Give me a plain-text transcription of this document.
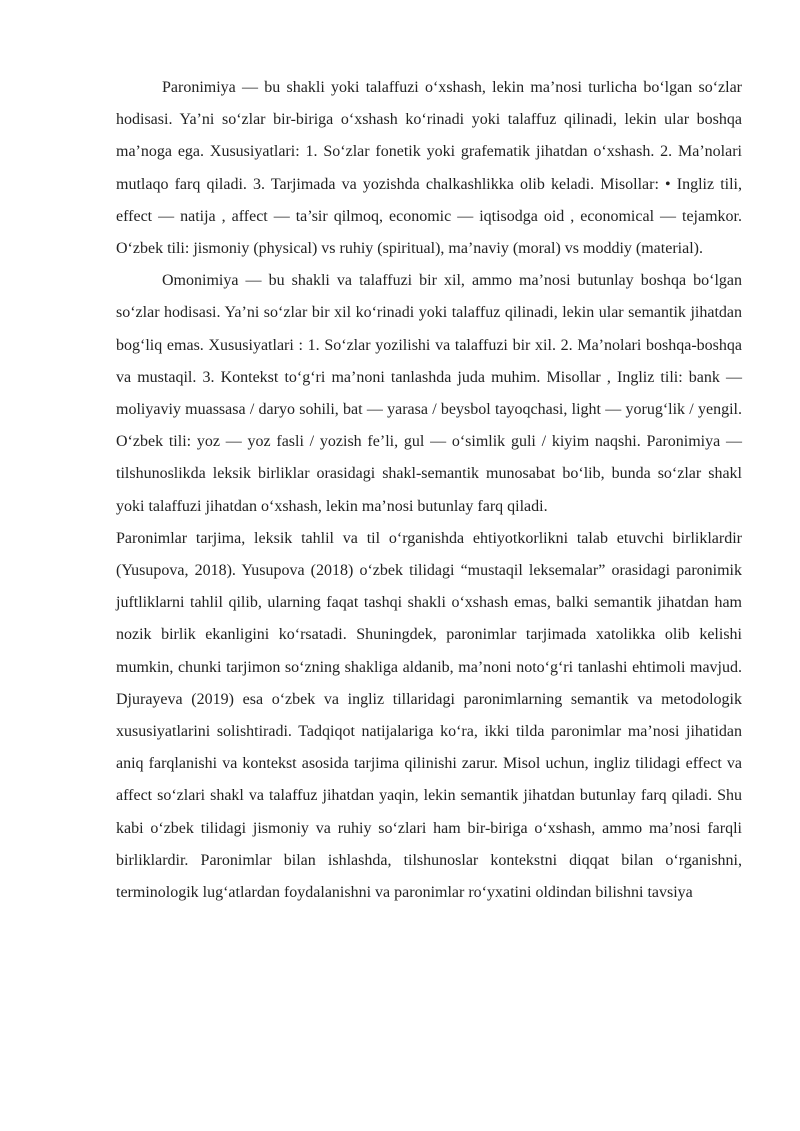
Paronimiya — bu shakli yoki talaffuzi o‘xshash, lekin ma’nosi turlicha bo‘lgan so‘zlar hodisasi. Ya’ni so‘zlar bir-biriga o‘xshash ko‘rinadi yoki talaffuz qilinadi, lekin ular boshqa ma’noga ega. Xususiyatlari: 1. So‘zlar fonetik yoki grafematik jihatdan o‘xshash. 2. Ma’nolari mutlaqo farq qiladi. 3. Tarjimada va yozishda chalkashlikka olib keladi. Misollar: • Ingliz tili, effect — natija , affect — ta’sir qilmoq, economic — iqtisodga oid , economical — tejamkor. O‘zbek tili: jismoniy (physical) vs ruhiy (spiritual), ma’naviy (moral) vs moddiy (material).

Omonimiya — bu shakli va talaffuzi bir xil, ammo ma’nosi butunlay boshqa bo‘lgan so‘zlar hodisasi. Ya’ni so‘zlar bir xil ko‘rinadi yoki talaffuz qilinadi, lekin ular semantik jihatdan bog‘liq emas. Xususiyatlari : 1. So‘zlar yozilishi va talaffuzi bir xil. 2. Ma’nolari boshqa-boshqa va mustaqil. 3. Kontekst to‘g‘ri ma’noni tanlashda juda muhim. Misollar , Ingliz tili: bank — moliyaviy muassasa / daryo sohili, bat — yarasa / beysbol tayoqchasi, light — yorug‘lik / yengil. O‘zbek tili: yoz — yoz fasli / yozish fe’li, gul — o‘simlik guli / kiyim naqshi. Paronimiya — tilshunoslikda leksik birliklar orasidagi shakl-semantik munosabat bo‘lib, bunda so‘zlar shakl yoki talaffuzi jihatdan o‘xshash, lekin ma’nosi butunlay farq qiladi.

Paronimlar tarjima, leksik tahlil va til o‘rganishda ehtiyotkorlikni talab etuvchi birliklardir (Yusupova, 2018). Yusupova (2018) o‘zbek tilidagi “mustaqil leksemalar” orasidagi paronimik juftliklarni tahlil qilib, ularning faqat tashqi shakli o‘xshash emas, balki semantik jihatdan ham nozik birlik ekanligini ko‘rsatadi. Shuningdek, paronimlar tarjimada xatolikka olib kelishi mumkin, chunki tarjimon so‘zning shakliga aldanib, ma’noni noto‘g‘ri tanlashi ehtimoli mavjud. Djurayeva (2019) esa o‘zbek va ingliz tillaridagi paronimlarning semantik va metodologik xususiyatlarini solishtiradi. Tadqiqot natijalariga ko‘ra, ikki tilda paronimlar ma’nosi jihatidan aniq farqlanishi va kontekst asosida tarjima qilinishi zarur. Misol uchun, ingliz tilidagi effect va affect so‘zlari shakl va talaffuz jihatdan yaqin, lekin semantik jihatdan butunlay farq qiladi. Shu kabi o‘zbek tilidagi jismoniy va ruhiy so‘zlari ham bir-biriga o‘xshash, ammo ma’nosi farqli birliklardir. Paronimlar bilan ishlashda, tilshunoslar kontekstni diqqat bilan o‘rganishni, terminologik lug‘atlardan foydalanishni va paronimlar ro‘yxatini oldindan bilishni tavsiya
